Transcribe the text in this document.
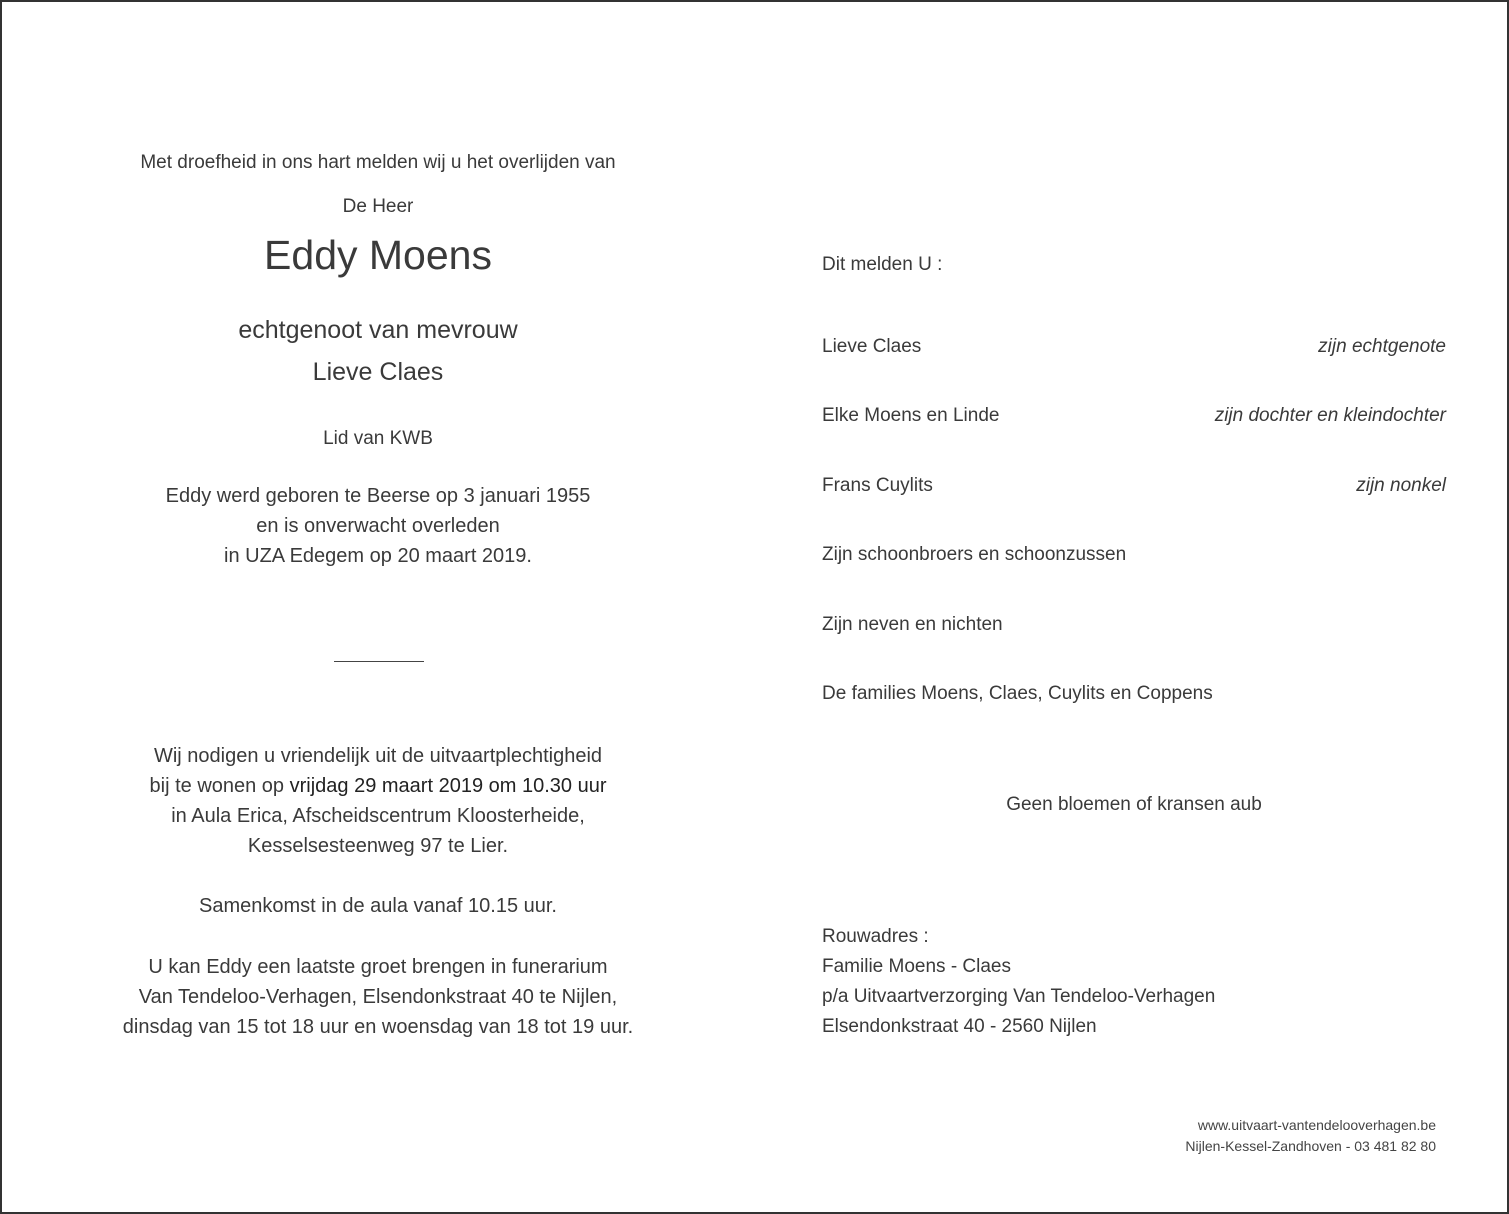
Met droefheid in ons hart melden wij u het overlijden van
De Heer
Eddy Moens
echtgenoot van mevrouw
Lieve Claes
Lid van KWB
Eddy werd geboren te Beerse op 3 januari 1955
en is onverwacht overleden
in UZA Edegem op 20 maart 2019.
Wij nodigen u vriendelijk uit de uitvaartplechtigheid
bij te wonen op vrijdag 29 maart 2019 om 10.30 uur
in Aula Erica, Afscheidscentrum Kloosterheide,
Kesselsesteenweg 97 te Lier.
Samenkomst in de aula vanaf 10.15 uur.
U kan Eddy een laatste groet brengen in funerarium
Van Tendeloo-Verhagen, Elsendonkstraat 40 te Nijlen,
dinsdag van 15 tot 18 uur en woensdag van 18 tot 19 uur.
Dit melden U :
Lieve Claes	zijn echtgenote
Elke Moens en Linde	zijn dochter en kleindochter
Frans Cuylits	zijn nonkel
Zijn schoonbroers en schoonzussen
Zijn neven en nichten
De families Moens, Claes, Cuylits en Coppens
Geen bloemen of kransen aub
Rouwadres :
Familie Moens - Claes
p/a Uitvaartverzorging Van Tendeloo-Verhagen
Elsendonkstraat 40 - 2560 Nijlen
www.uitvaart-vantendelooverhagen.be
Nijlen-Kessel-Zandhoven - 03 481 82 80
